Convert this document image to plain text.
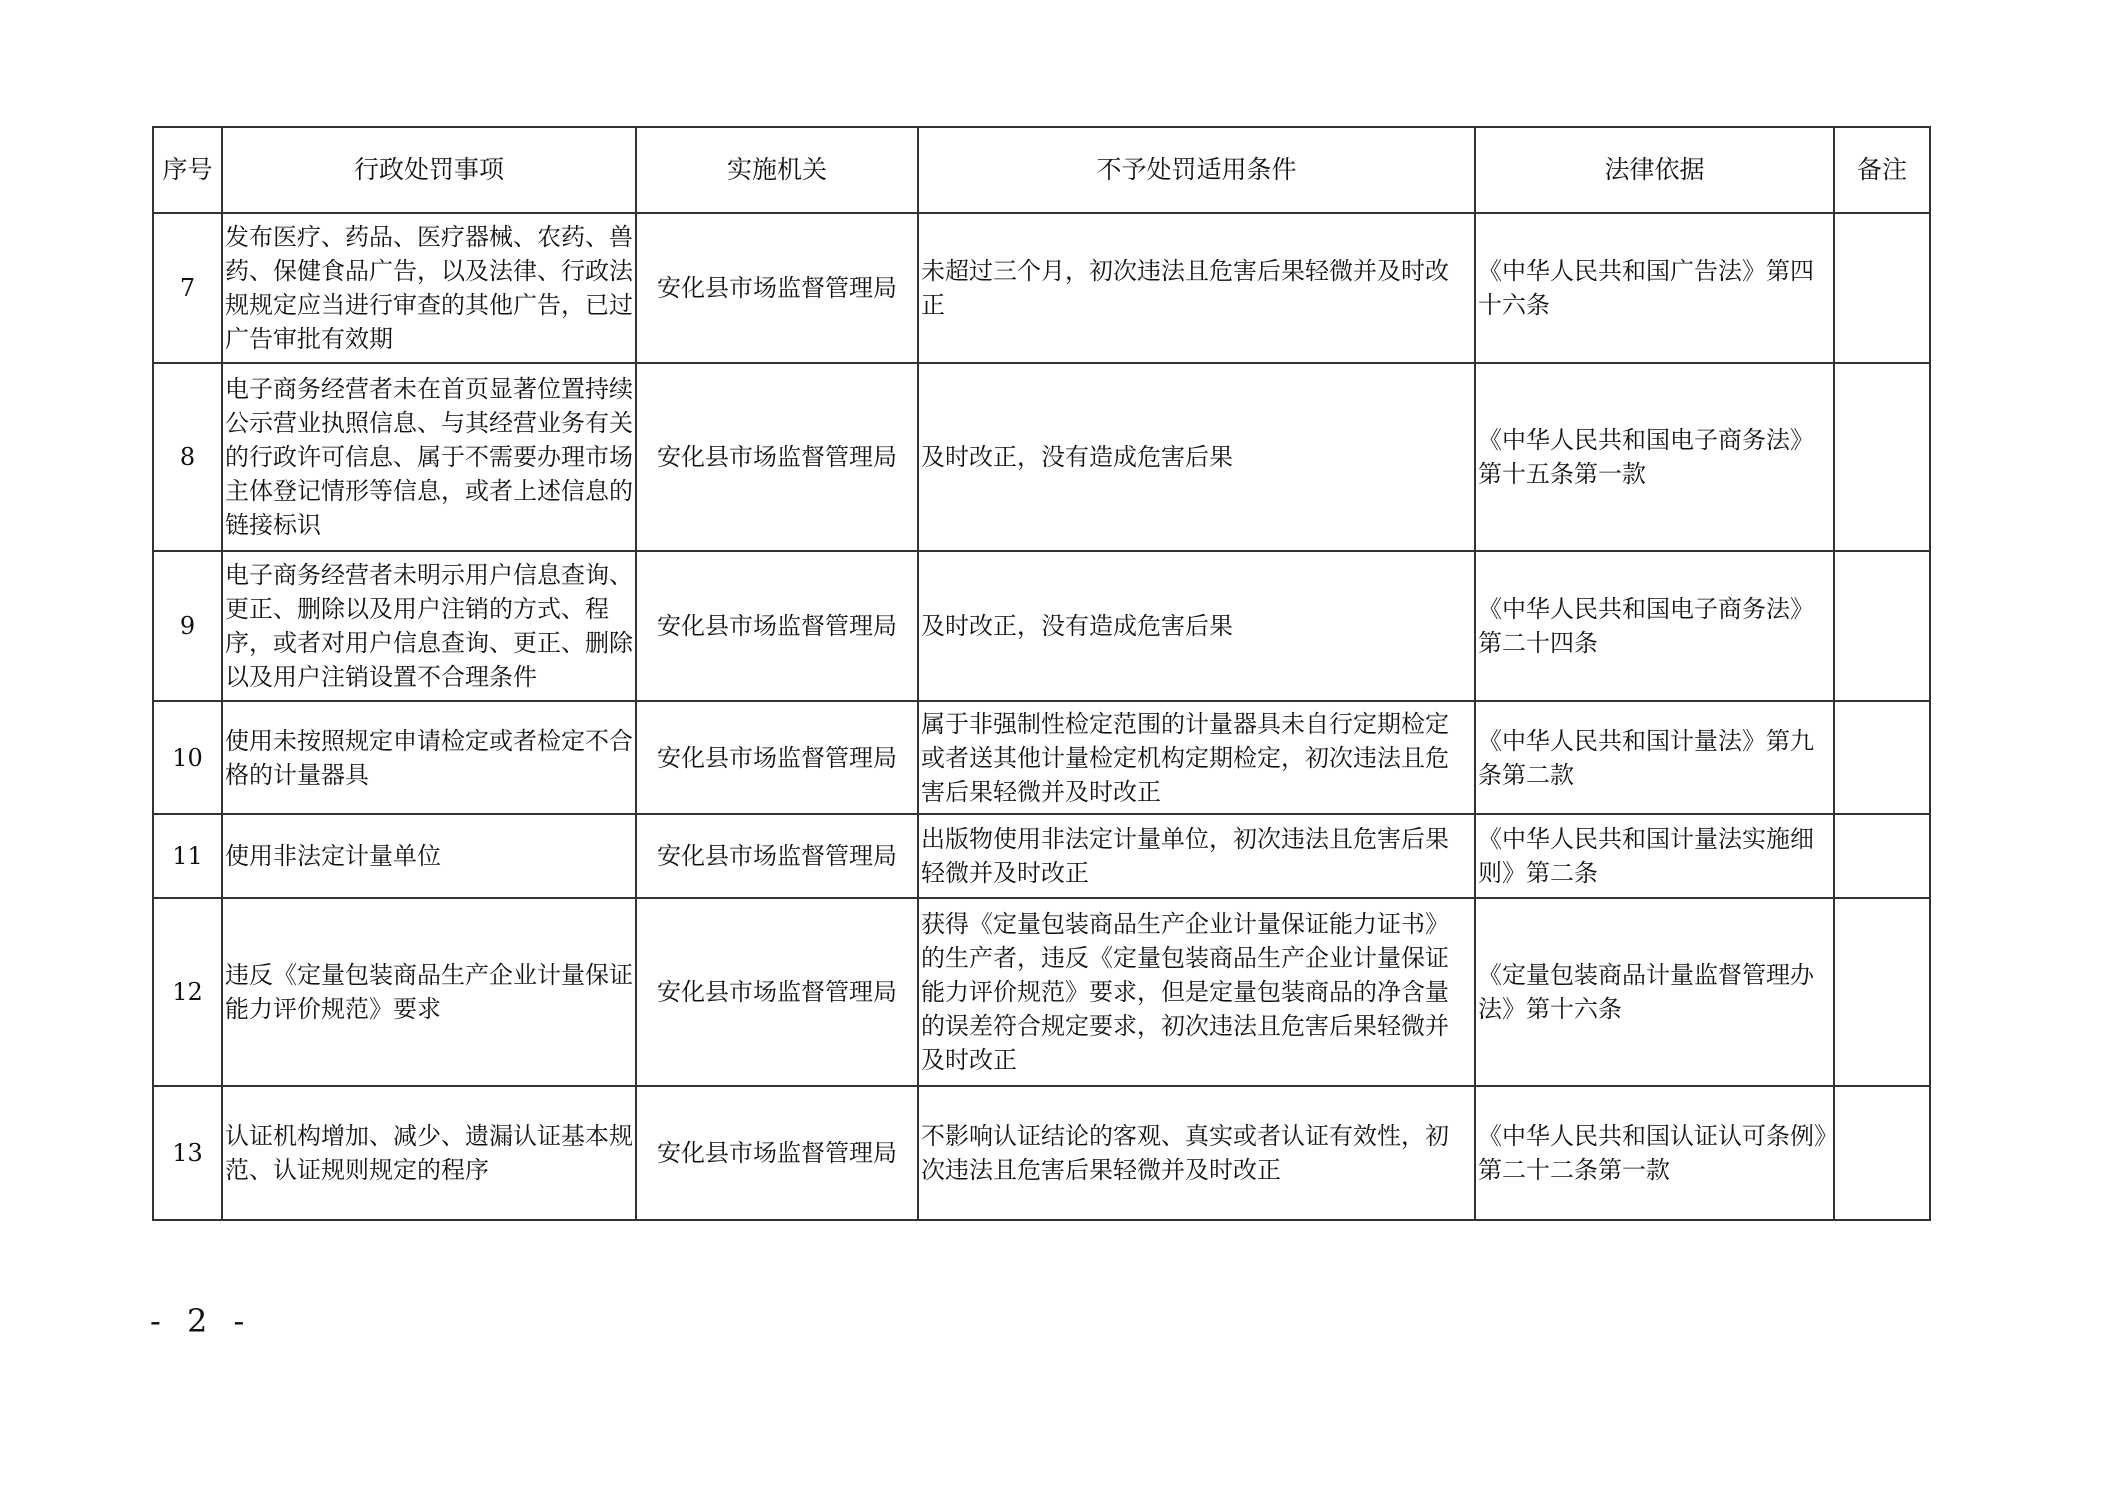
序号	行政处罚事项	实施机关	不予处罚适用条件	法律依据	备注
7	发布医疗、药品、医疗器械、农药、兽药、保健食品广告，以及法律、行政法规规定应当进行审查的其他广告，已过广告审批有效期	安化县市场监督管理局	未超过三个月，初次违法且危害后果轻微并及时改正	《中华人民共和国广告法》第四十六条	
8	电子商务经营者未在首页显著位置持续公示营业执照信息、与其经营业务有关的行政许可信息、属于不需要办理市场主体登记情形等信息，或者上述信息的链接标识	安化县市场监督管理局	及时改正，没有造成危害后果	《中华人民共和国电子商务法》第十五条第一款	
9	电子商务经营者未明示用户信息查询、更正、删除以及用户注销的方式、程序，或者对用户信息查询、更正、删除以及用户注销设置不合理条件	安化县市场监督管理局	及时改正，没有造成危害后果	《中华人民共和国电子商务法》第二十四条	
10	使用未按照规定申请检定或者检定不合格的计量器具	安化县市场监督管理局	属于非强制性检定范围的计量器具未自行定期检定或者送其他计量检定机构定期检定，初次违法且危害后果轻微并及时改正	《中华人民共和国计量法》第九条第二款	
11	使用非法定计量单位	安化县市场监督管理局	出版物使用非法定计量单位，初次违法且危害后果轻微并及时改正	《中华人民共和国计量法实施细则》第二条	
12	违反《定量包装商品生产企业计量保证能力评价规范》要求	安化县市场监督管理局	获得《定量包装商品生产企业计量保证能力证书》的生产者，违反《定量包装商品生产企业计量保证能力评价规范》要求，但是定量包装商品的净含量的误差符合规定要求，初次违法且危害后果轻微并及时改正	《定量包装商品计量监督管理办法》第十六条	
13	认证机构增加、减少、遗漏认证基本规范、认证规则规定的程序	安化县市场监督管理局	不影响认证结论的客观、真实或者认证有效性，初次违法且危害后果轻微并及时改正	《中华人民共和国认证认可条例》第二十二条第一款	
- 2 -
